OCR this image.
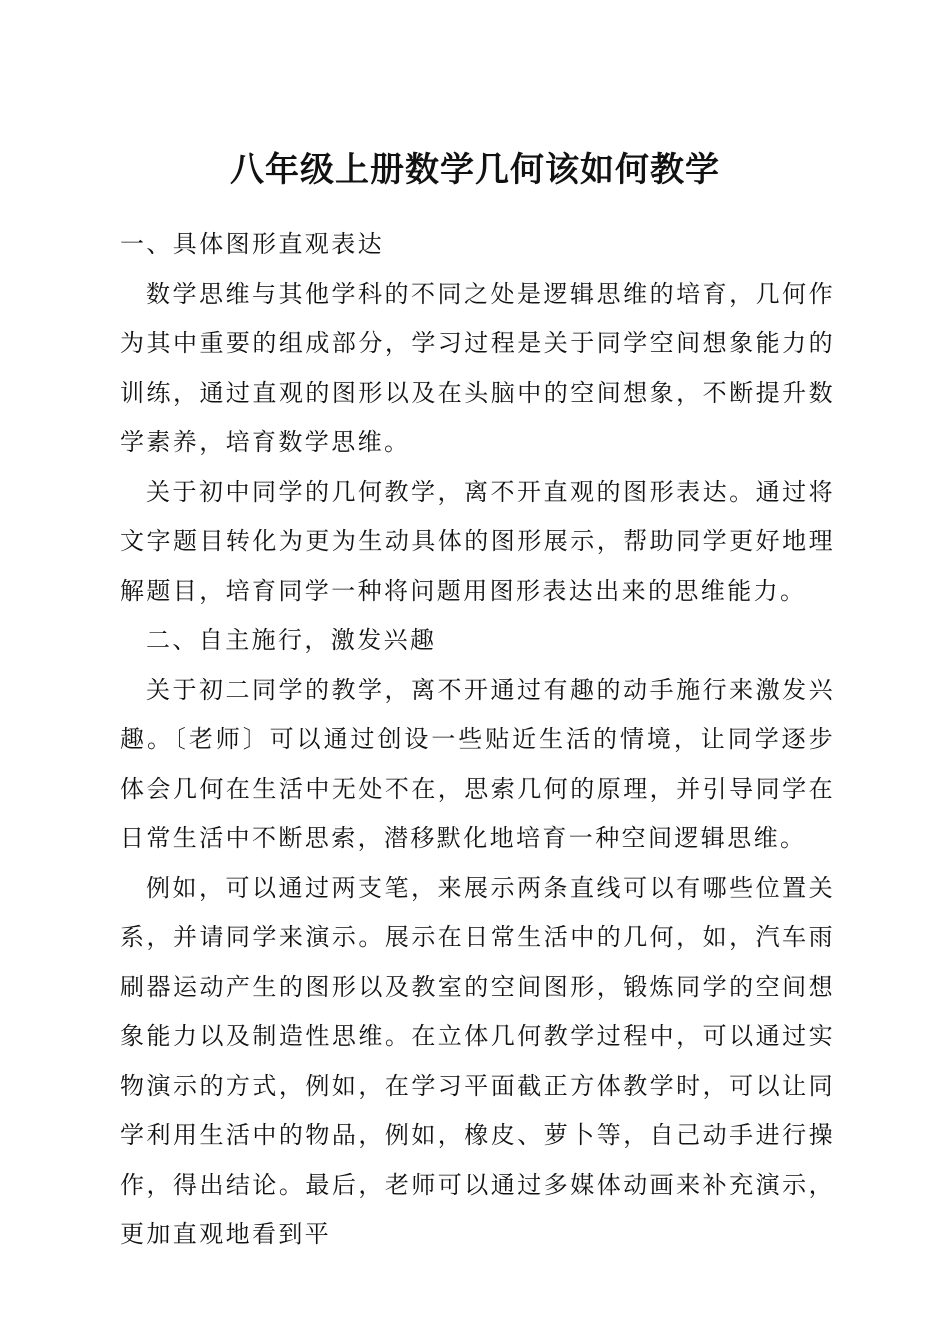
八年级上册数学几何该如何教学

一、具体图形直观表达

数学思维与其他学科的不同之处是逻辑思维的培育，几何作为其中重要的组成部分，学习过程是关于同学空间想象能力的训练，通过直观的图形以及在头脑中的空间想象，不断提升数学素养，培育数学思维。

关于初中同学的几何教学，离不开直观的图形表达。通过将文字题目转化为更为生动具体的图形展示，帮助同学更好地理解题目，培育同学一种将问题用图形表达出来的思维能力。

二、自主施行，激发兴趣

关于初二同学的教学，离不开通过有趣的动手施行来激发兴趣。〔老师〕可以通过创设一些贴近生活的情境，让同学逐步体会几何在生活中无处不在，思索几何的原理，并引导同学在日常生活中不断思索，潜移默化地培育一种空间逻辑思维。

例如，可以通过两支笔，来展示两条直线可以有哪些位置关系，并请同学来演示。展示在日常生活中的几何，如，汽车雨刷器运动产生的图形以及教室的空间图形，锻炼同学的空间想象能力以及制造性思维。在立体几何教学过程中，可以通过实物演示的方式，例如，在学习平面截正方体教学时，可以让同学利用生活中的物品，例如，橡皮、萝卜等，自己动手进行操作，得出结论。最后，老师可以通过多媒体动画来补充演示，更加直观地看到平
